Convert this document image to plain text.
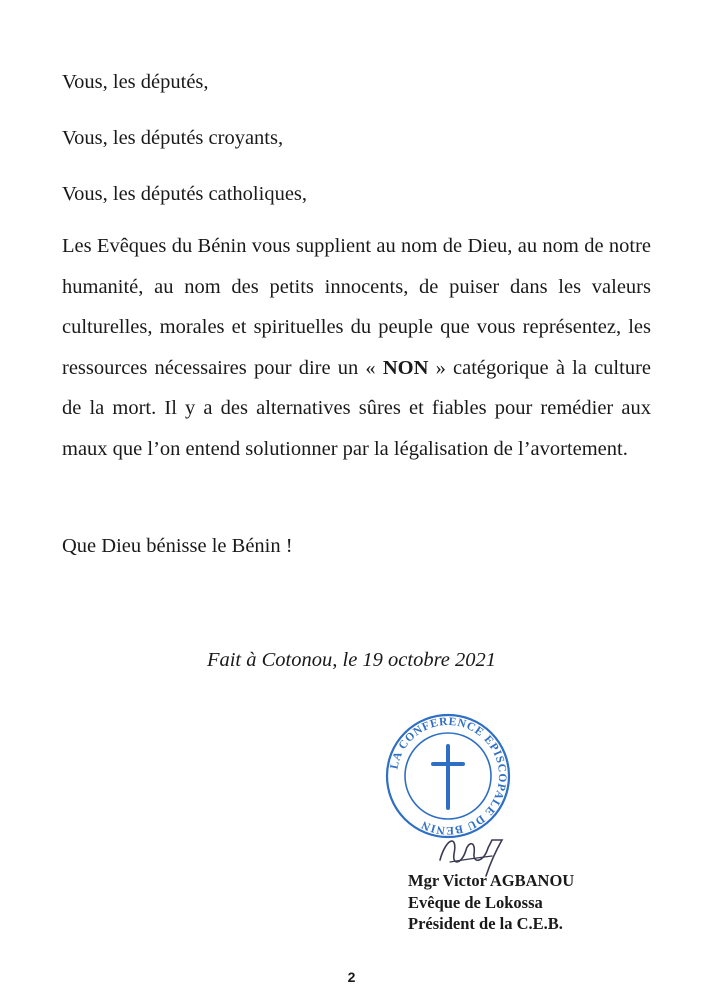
Vous, les députés,
Vous, les députés croyants,
Vous, les députés catholiques,

Les Evêques du Bénin vous supplient au nom de Dieu, au nom de notre humanité, au nom des petits innocents, de puiser dans les valeurs culturelles, morales et spirituelles du peuple que vous représentez, les ressources nécessaires pour dire un « NON » catégorique à la culture de la mort. Il y a des alternatives sûres et fiables pour remédier aux maux que l’on entend solutionner par la légalisation de l’avortement.

Que Dieu bénisse le Bénin !
Fait à Cotonou, le 19 octobre 2021
LA CONFERENCE EPISCOPALE DU BENIN
Mgr Victor AGBANOU
Evêque de Lokossa
Président de la C.E.B.
2
